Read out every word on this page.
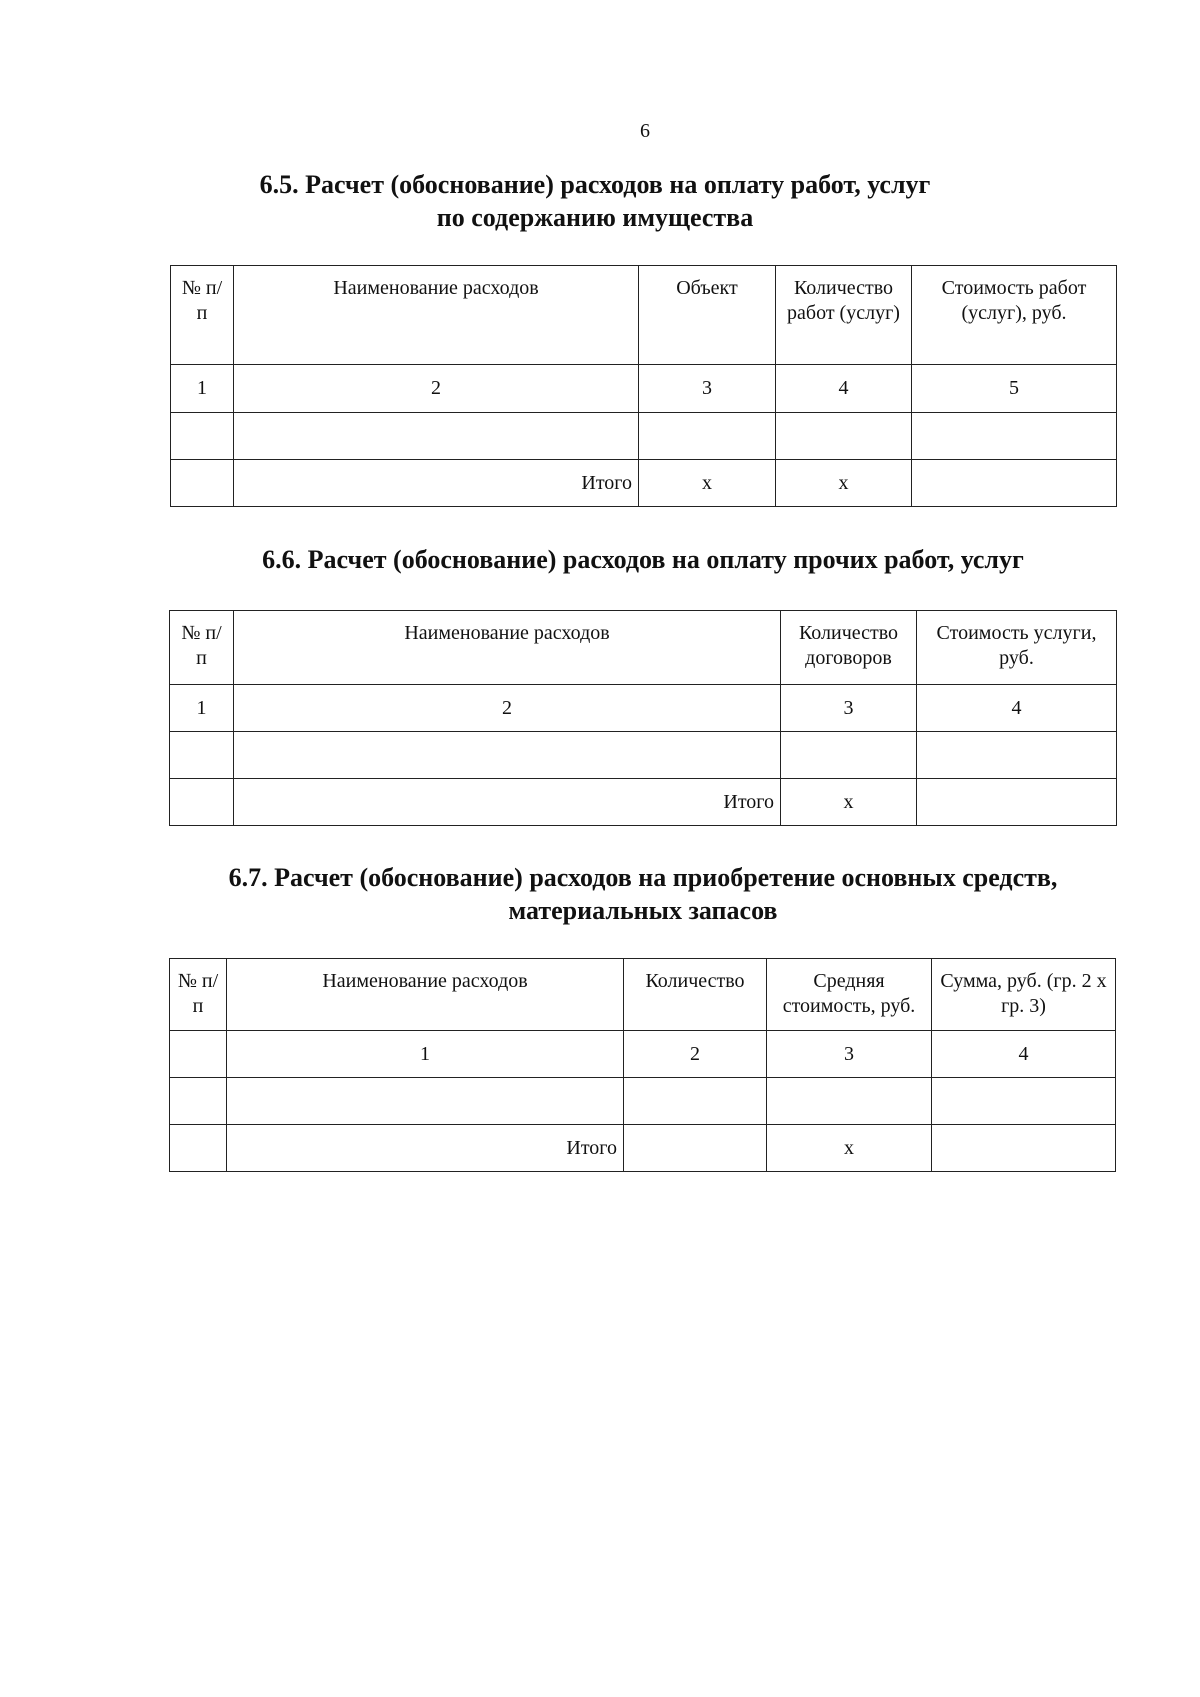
6
6.5. Расчет (обоснование) расходов на оплату работ, услуг
по содержанию имущества
№ п/п	Наименование расходов	Объект	Количество работ (услуг)	Стоимость работ (услуг), руб.
1	2	3	4	5

	Итого	x	x	
6.6. Расчет (обоснование) расходов на оплату прочих работ, услуг
№ п/п	Наименование расходов	Количество договоров	Стоимость услуги, руб.
1	2	3	4

	Итого	x	
6.7. Расчет (обоснование) расходов на приобретение основных средств,
материальных запасов
№ п/п	Наименование расходов	Количество	Средняя стоимость, руб.	Сумма, руб. (гр. 2 x гр. 3)
	1	2	3	4

	Итого		x	
